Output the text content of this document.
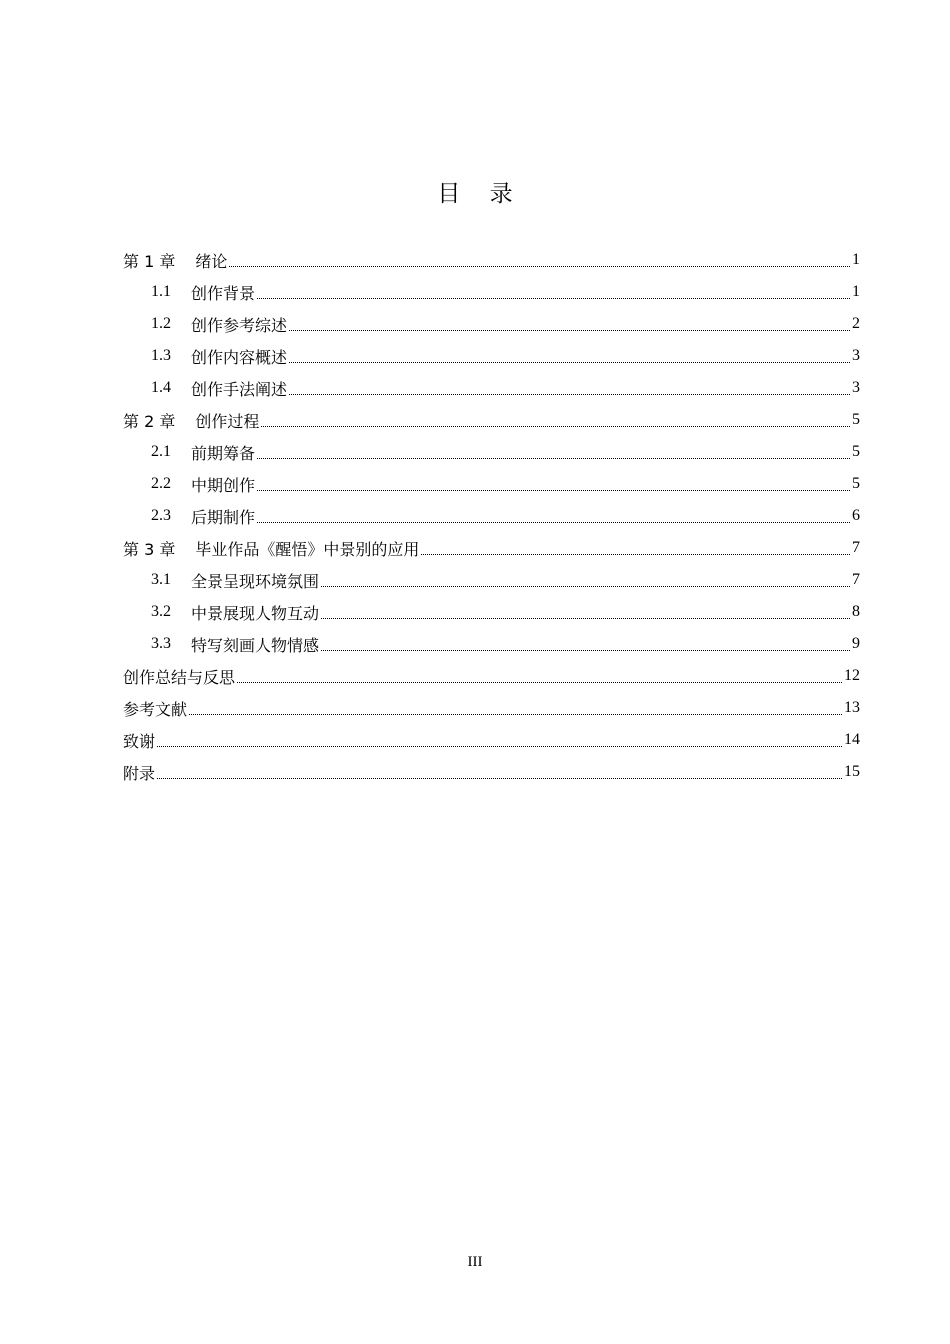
目    录
第 1 章 绪论	1
1.1 创作背景	1
1.2 创作参考综述	2
1.3 创作内容概述	3
1.4 创作手法阐述	3
第 2 章 创作过程	5
2.1 前期筹备	5
2.2 中期创作	5
2.3 后期制作	6
第 3 章 毕业作品《醒悟》中景别的应用	7
3.1 全景呈现环境氛围	7
3.2 中景展现人物互动	8
3.3 特写刻画人物情感	9
创作总结与反思	12
参考文献	13
致谢	14
附录	15
III
